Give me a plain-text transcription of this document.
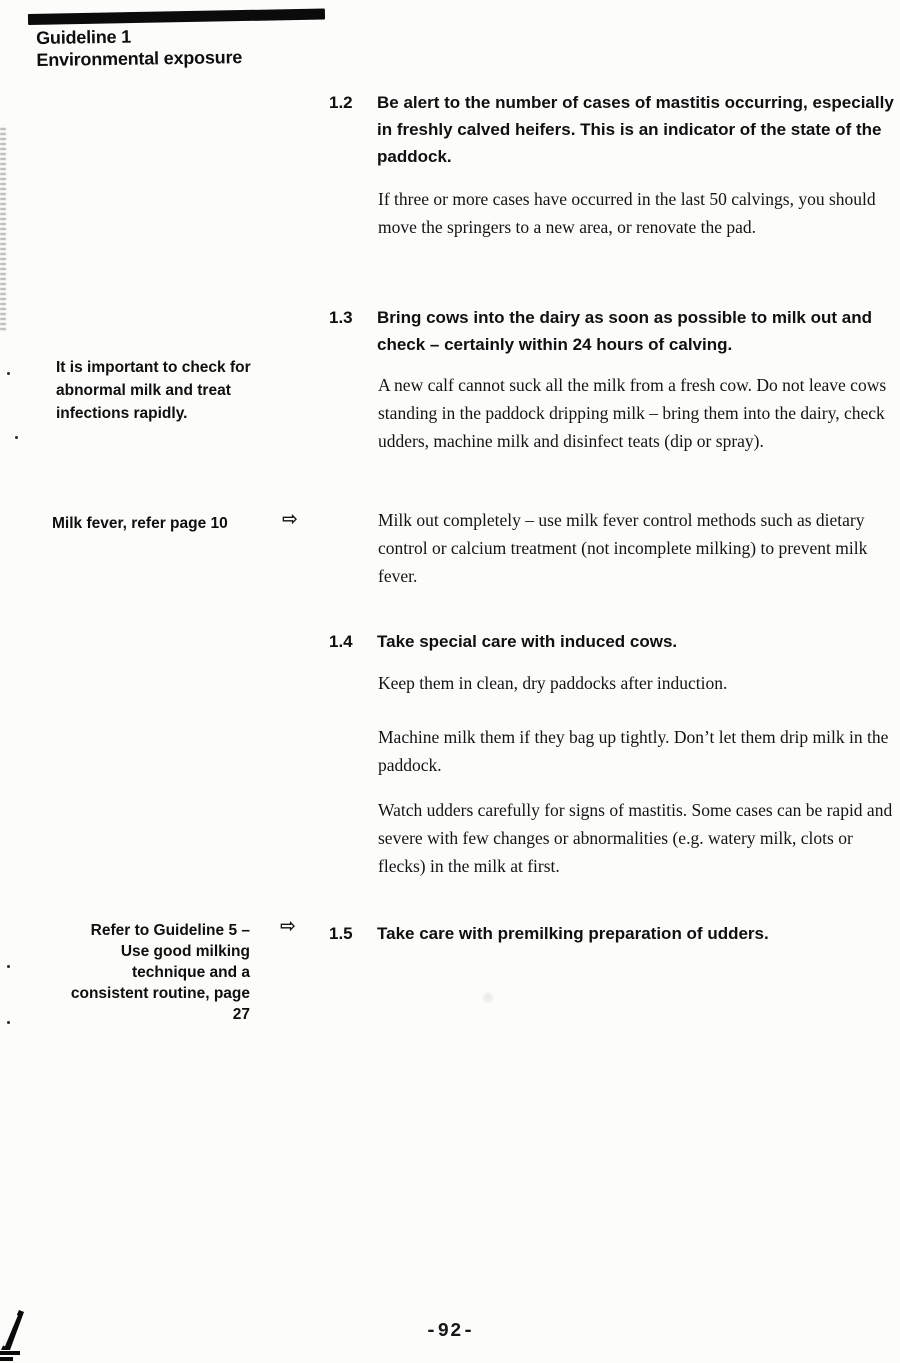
Guideline 1
Environmental exposure
1.2	Be alert to the number of cases of mastitis occurring, especially in freshly calved heifers. This is an indicator of the state of the paddock.

If three or more cases have occurred in the last 50 calvings, you should move the springers to a new area, or renovate the pad.

1.3	Bring cows into the dairy as soon as possible to milk out and check – certainly within 24 hours of calving.
It is important to check for abnormal milk and treat infections rapidly.

A new calf cannot suck all the milk from a fresh cow. Do not leave cows standing in the paddock dripping milk – bring them into the dairy, check udders, machine milk and disinfect teats (dip or spray).

Milk fever, refer page 10	⇨	Milk out completely – use milk fever control methods such as dietary control or calcium treatment (not incomplete milking) to prevent milk fever.

1.4	Take special care with induced cows.

Keep them in clean, dry paddocks after induction.

Machine milk them if they bag up tightly. Don’t let them drip milk in the paddock.

Watch udders carefully for signs of mastitis. Some cases can be rapid and severe with few changes or abnormalities (e.g. watery milk, clots or flecks) in the milk at first.

Refer to Guideline 5 – Use good milking technique and a consistent routine, page 27
⇨ 1.5	Take care with premilking preparation of udders.
-92-
